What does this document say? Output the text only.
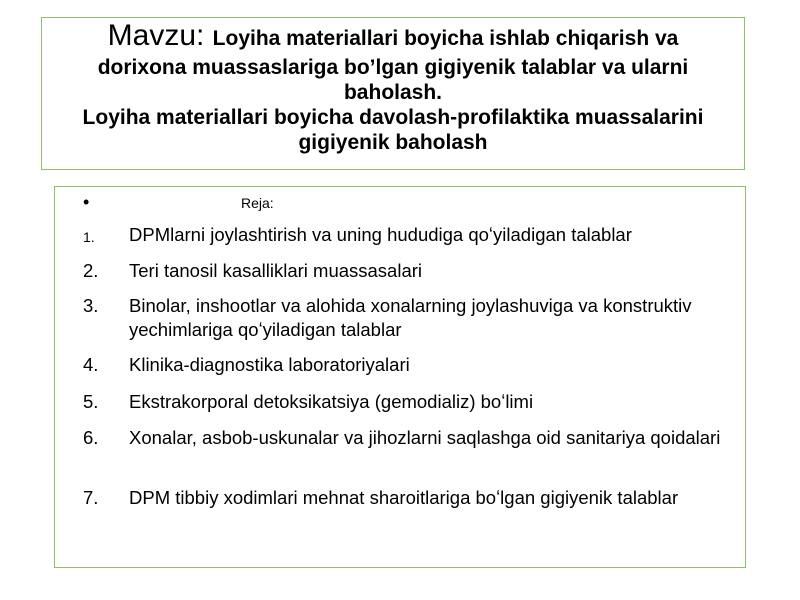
Mavzu: Loyiha materiallari boyicha ishlab chiqarish va
dorixona muassaslariga bo’lgan gigiyenik talablar va ularni
baholash.
Loyiha materiallari boyicha davolash-profilaktika muassalarini
gigiyenik baholash
•	Reja:
1.	DPMlarni joylashtirish va uning hududiga qoʻyiladigan talablar
2.	Teri tanosil kasalliklari muassasalari
3.	Binolar, inshootlar va alohida xonalarning joylashuviga va konstruktiv yechimlariga qoʻyiladigan talablar
4.	Klinika-diagnostika laboratoriyalari
5.	Ekstrakorporal detoksikatsiya (gemodializ) boʻlimi
6.	Xonalar, asbob-uskunalar va jihozlarni saqlashga oid sanitariya qoidalari
7.	DPM tibbiy xodimlari mehnat sharoitlariga boʻlgan gigiyenik talablar
